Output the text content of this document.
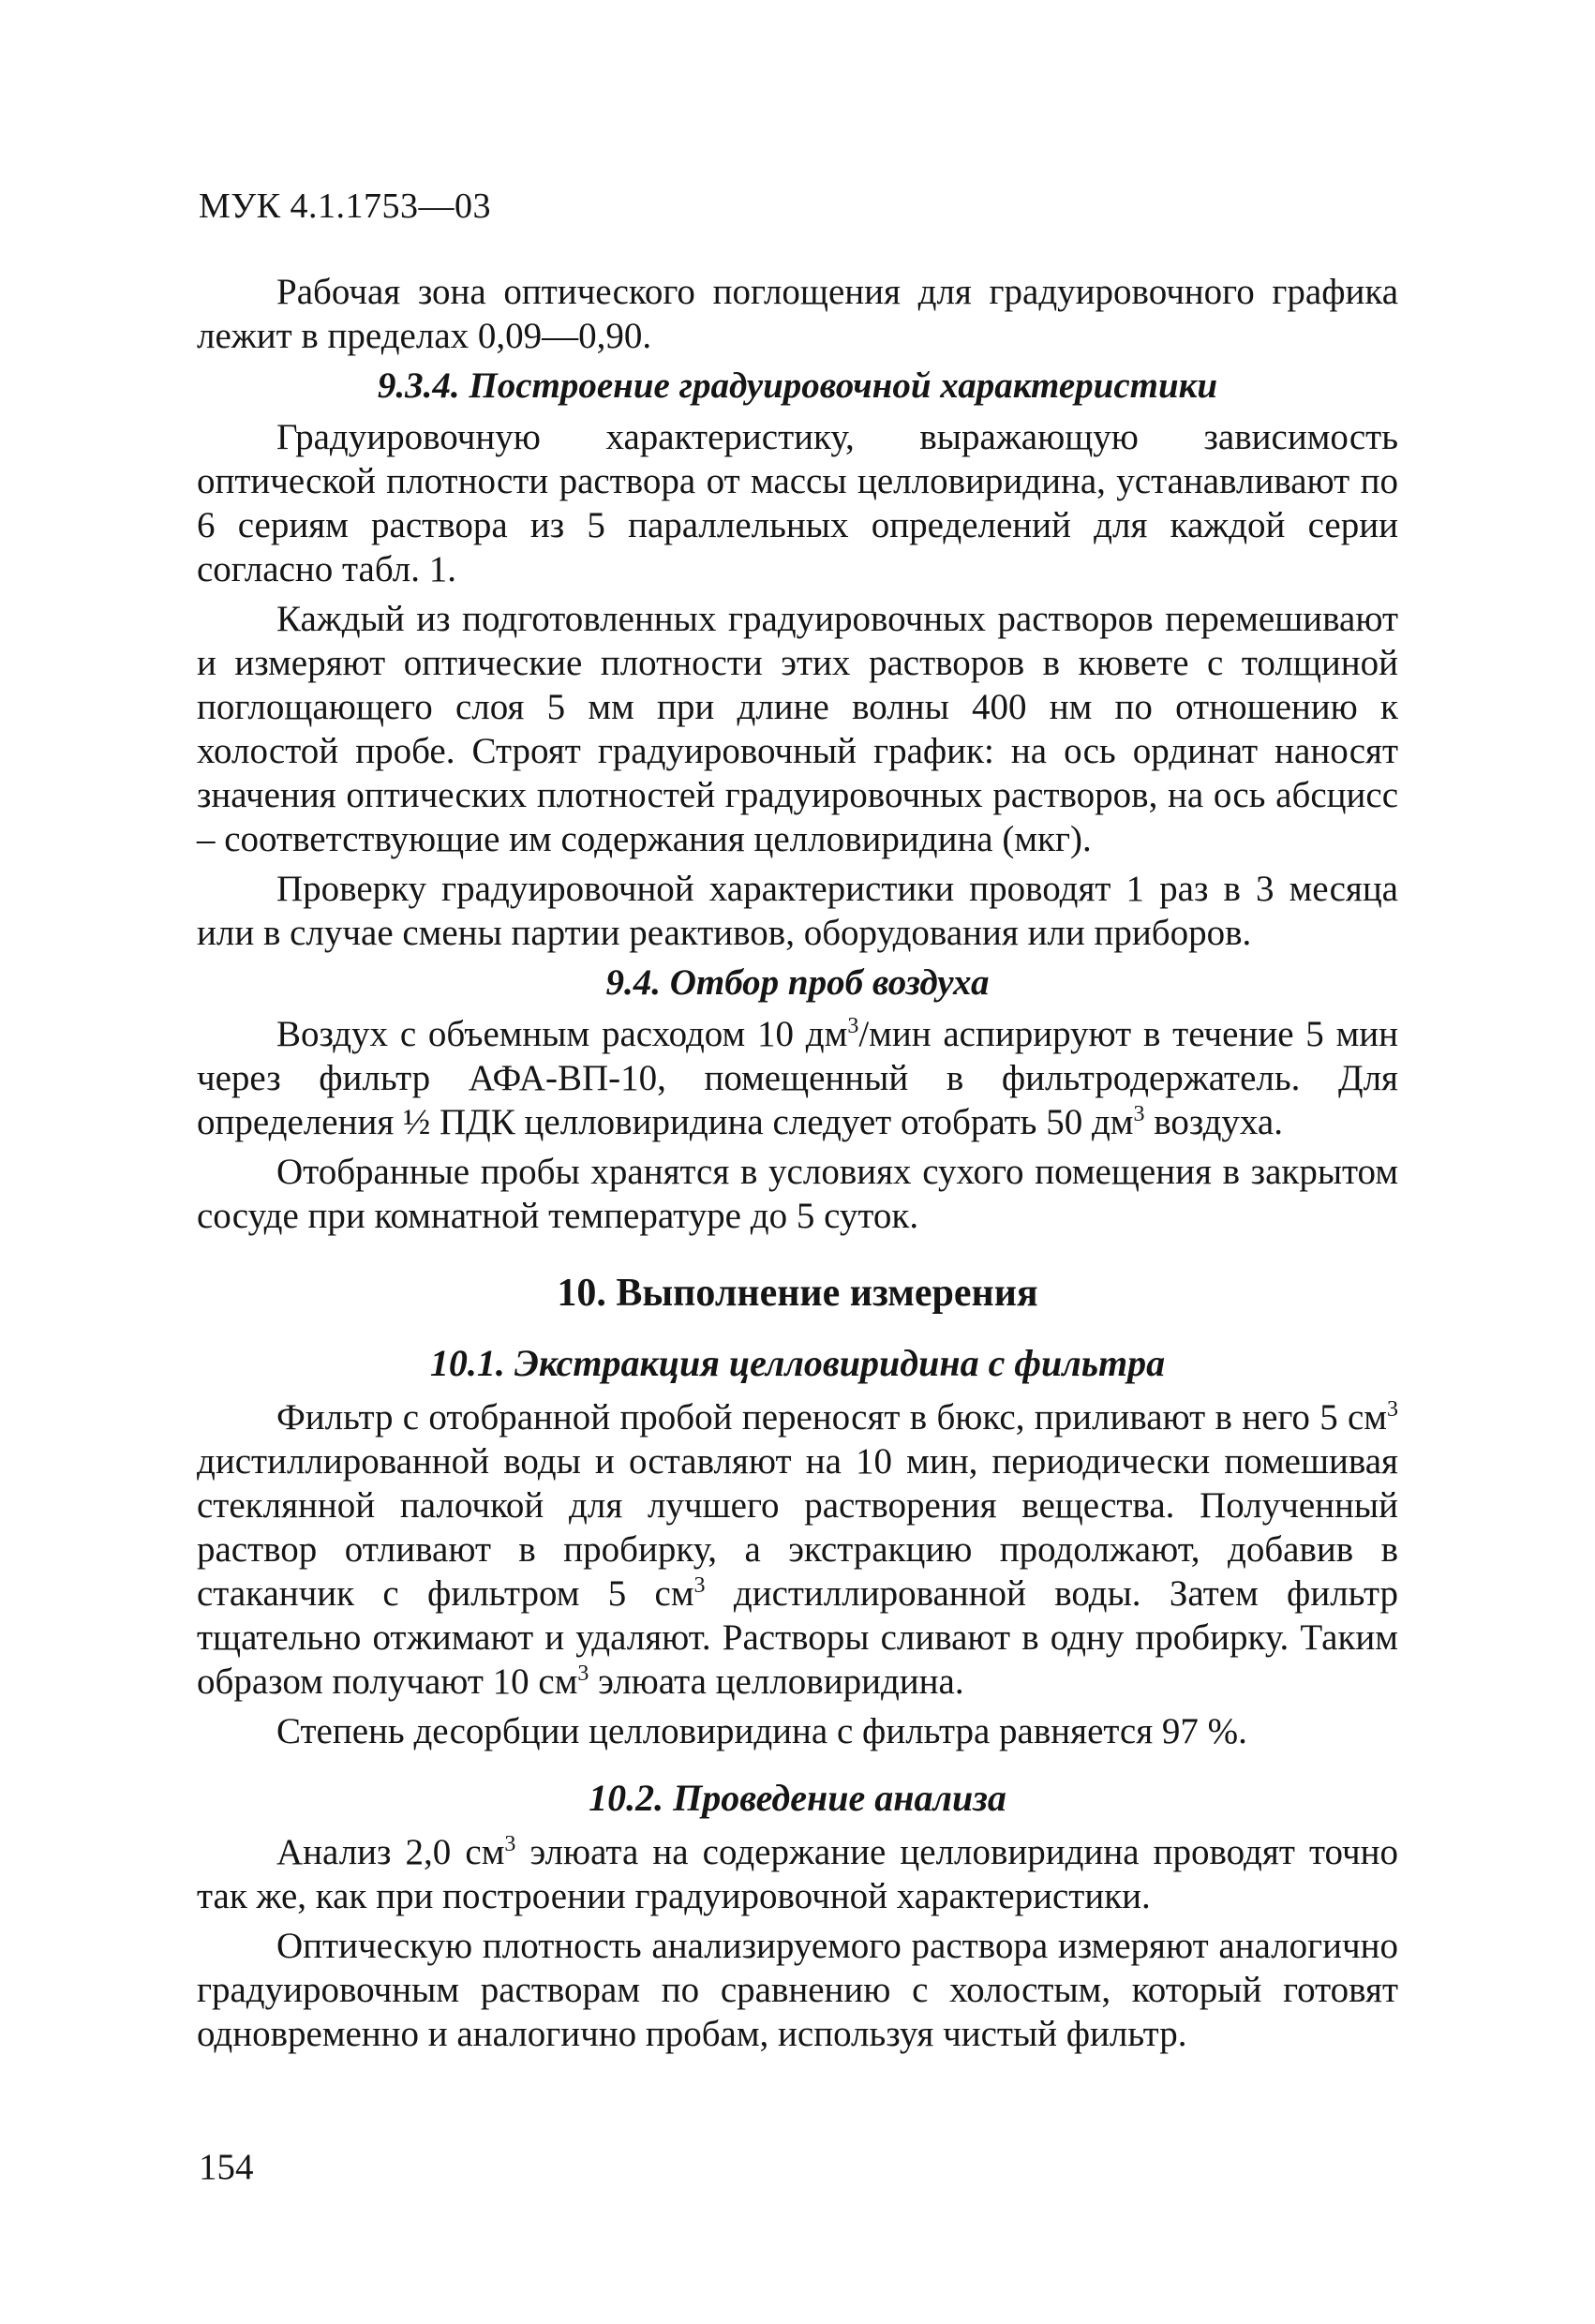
МУК 4.1.1753—03

Рабочая зона оптического поглощения для градуировочного графика лежит в пределах 0,09—0,90.

9.3.4. Построение градуировочной характеристики

Градуировочную характеристику, выражающую зависимость оптической плотности раствора от массы целловиридина, устанавливают по 6 сериям раствора из 5 параллельных определений для каждой серии согласно табл. 1.

Каждый из подготовленных градуировочных растворов перемешивают и измеряют оптические плотности этих растворов в кювете с толщиной поглощающего слоя 5 мм при длине волны 400 нм по отношению к холостой пробе. Строят градуировочный график: на ось ординат наносят значения оптических плотностей градуировочных растворов, на ось абсцисс – соответствующие им содержания целловиридина (мкг).

Проверку градуировочной характеристики проводят 1 раз в 3 месяца или в случае смены партии реактивов, оборудования или приборов.

9.4. Отбор проб воздуха

Воздух с объемным расходом 10 $дм^3$/мин аспирируют в течение 5 мин через фильтр АФА-ВП-10, помещенный в фильтродержатель. Для определения ½ ПДК целловиридина следует отобрать 50 $дм^3$ воздуха.

Отобранные пробы хранятся в условиях сухого помещения в закрытом сосуде при комнатной температуре до 5 суток.

10. Выполнение измерения
10.1. Экстракция целловиридина с фильтра

Фильтр с отобранной пробой переносят в бюкс, приливают в него 5 $см^3$ дистиллированной воды и оставляют на 10 мин, периодически помешивая стеклянной палочкой для лучшего растворения вещества. Полученный раствор отливают в пробирку, а экстракцию продолжают, добавив в стаканчик с фильтром 5 $см^3$ дистиллированной воды. Затем фильтр тщательно отжимают и удаляют. Растворы сливают в одну пробирку. Таким образом получают 10 $см^3$ элюата целловиридина.

Степень десорбции целловиридина с фильтра равняется 97 %.

10.2. Проведение анализа

Анализ 2,0 $см^3$ элюата на содержание целловиридина проводят точно так же, как при построении градуировочной характеристики.

Оптическую плотность анализируемого раствора измеряют аналогично градуировочным растворам по сравнению с холостым, который готовят одновременно и аналогично пробам, используя чистый фильтр.

154
